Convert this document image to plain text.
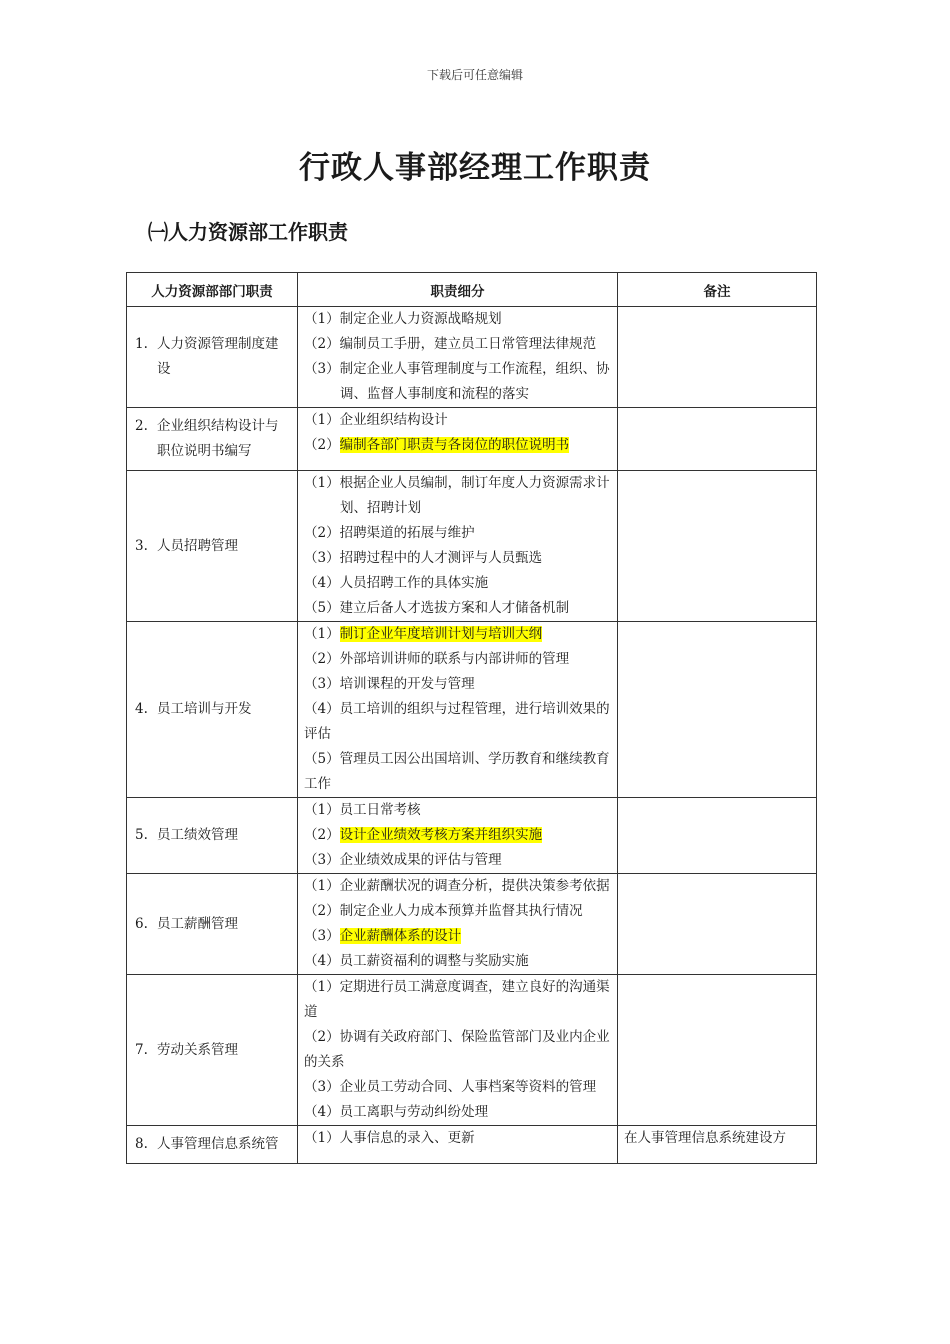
下载后可任意编辑
行政人事部经理工作职责
㈠人力资源部工作职责
人力资源部部门职责	职责细分	备注
1. 人力资源管理制度建设	（1）制定企业人力资源战略规划
（2）编制员工手册，建立员工日常管理法律规范
（3）制定企业人事管理制度与工作流程，组织、协调、监督人事制度和流程的落实	

2. 企业组织结构设计与职位说明书编写	（1）企业组织结构设计
（2）编制各部门职责与各岗位的职位说明书	

3. 人员招聘管理	（1）根据企业人员编制，制订年度人力资源需求计划、招聘计划
（2）招聘渠道的拓展与维护
（3）招聘过程中的人才测评与人员甄选
（4）人员招聘工作的具体实施
（5）建立后备人才选拔方案和人才储备机制	

4. 员工培训与开发	（1）制订企业年度培训计划与培训大纲
（2）外部培训讲师的联系与内部讲师的管理
（3）培训课程的开发与管理
（4）员工培训的组织与过程管理，进行培训效果的评估
（5）管理员工因公出国培训、学历教育和继续教育工作	

5. 员工绩效管理	（1）员工日常考核
（2）设计企业绩效考核方案并组织实施
（3）企业绩效成果的评估与管理	

6. 员工薪酬管理	（1）企业薪酬状况的调查分析，提供决策参考依据
（2）制定企业人力成本预算并监督其执行情况
（3）企业薪酬体系的设计
（4）员工薪资福利的调整与奖励实施	

7. 劳动关系管理	（1）定期进行员工满意度调查，建立良好的沟通渠道
（2）协调有关政府部门、保险监管部门及业内企业的关系
（3）企业员工劳动合同、人事档案等资料的管理
（4）员工离职与劳动纠纷处理	

8. 人事管理信息系统管	（1）人事信息的录入、更新	在人事管理信息系统建设方
